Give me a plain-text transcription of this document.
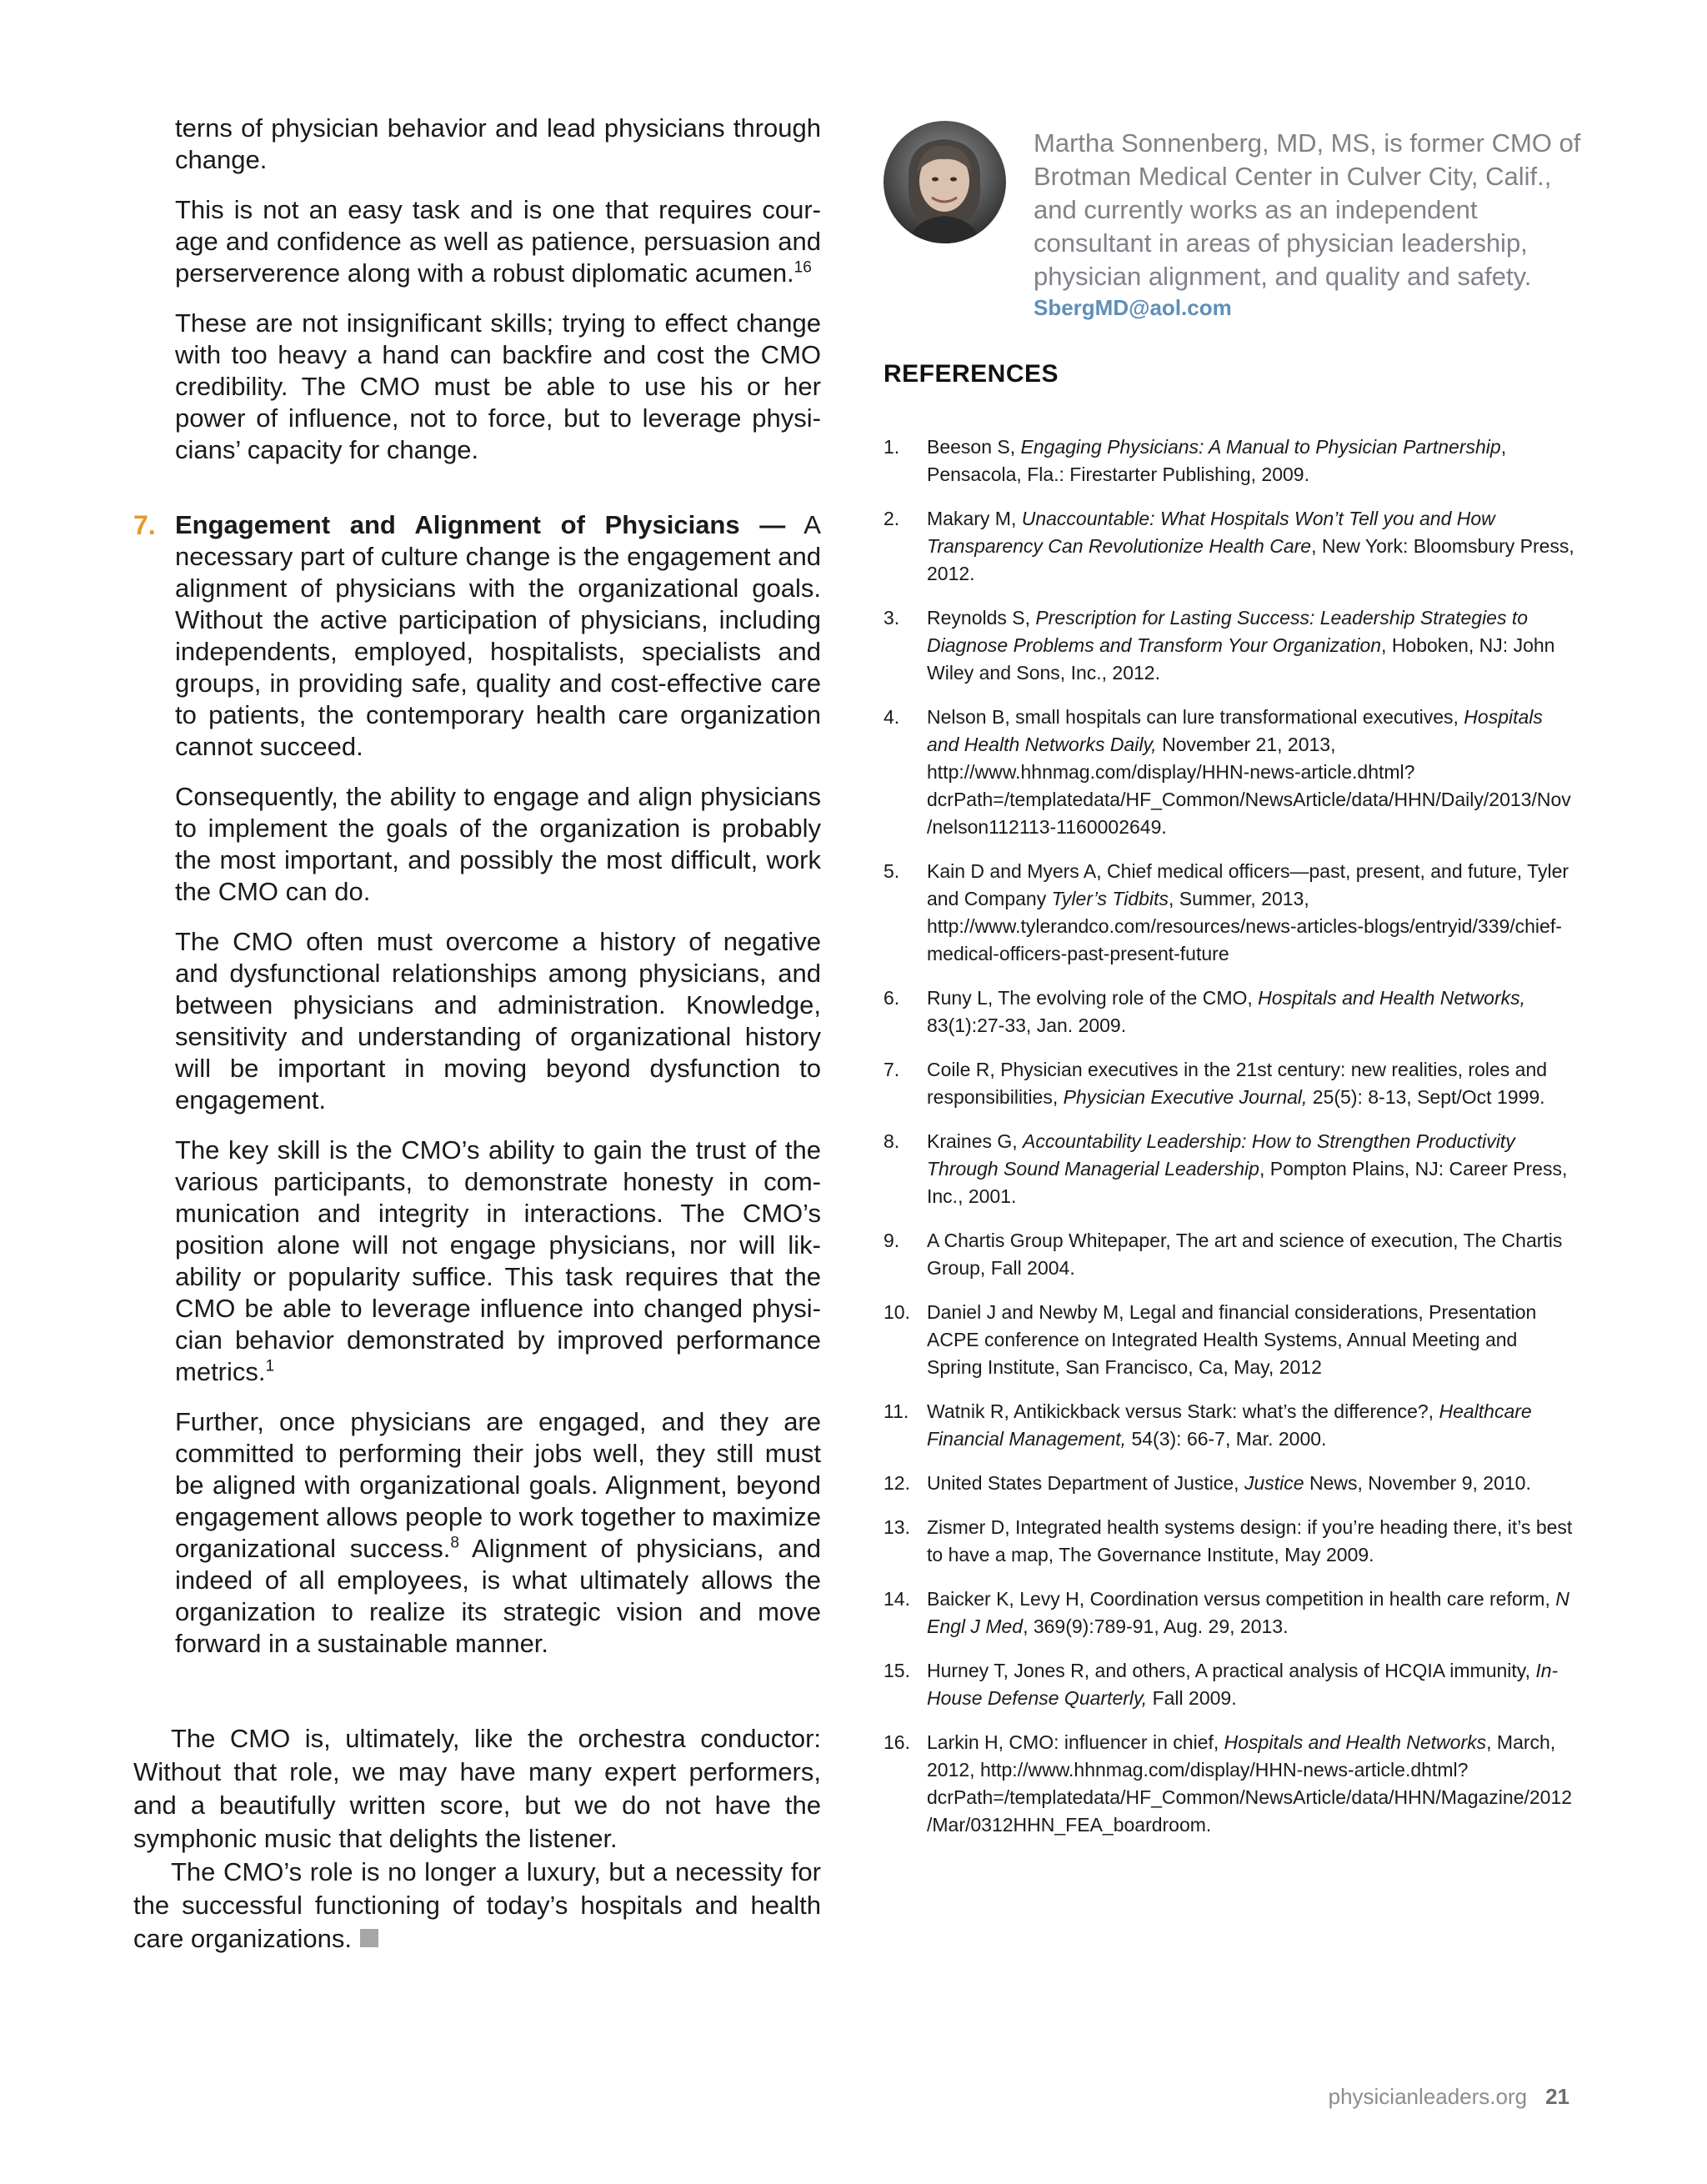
terns of physician behavior and lead physicians through change.

This is not an easy task and is one that requires courage and confidence as well as patience, persuasion and perserverence along with a robust diplomatic acumen.$^{16}$

These are not insignificant skills; trying to effect change with too heavy a hand can backfire and cost the CMO credibility. The CMO must be able to use his or her power of influence, not to force, but to leverage physicians’ capacity for change.

7. Engagement and Alignment of Physicians — A necessary part of culture change is the engagement and alignment of physicians with the organizational goals. Without the active participation of physicians, including independents, employed, hospitalists, specialists and groups, in providing safe, quality and cost-effective care to patients, the contemporary health care organization cannot succeed.

Consequently, the ability to engage and align physicians to implement the goals of the organization is probably the most important, and possibly the most difficult, work the CMO can do.

The CMO often must overcome a history of negative and dysfunctional relationships among physicians, and between physicians and administration. Knowledge, sensitivity and understanding of organizational history will be important in moving beyond dysfunction to engagement.

The key skill is the CMO’s ability to gain the trust of the various participants, to demonstrate honesty in communication and integrity in interactions. The CMO’s position alone will not engage physicians, nor will likability or popularity suffice. This task requires that the CMO be able to leverage influence into changed physician behavior demonstrated by improved performance metrics.$^1$

Further, once physicians are engaged, and they are committed to performing their jobs well, they still must be aligned with organizational goals. Alignment, beyond engagement allows people to work together to maximize organizational success.$^8$ Alignment of physicians, and indeed of all employees, is what ultimately allows the organization to realize its strategic vision and move forward in a sustainable manner.

The CMO is, ultimately, like the orchestra conductor: Without that role, we may have many expert performers, and a beautifully written score, but we do not have the symphonic music that delights the listener.

The CMO’s role is no longer a luxury, but a necessity for the successful functioning of today’s hospitals and health care organizations.

Martha Sonnenberg, MD, MS, is former CMO of Brotman Medical Center in Culver City, Calif., and currently works as an independent consultant in areas of physician leadership, physician alignment, and quality and safety.

SbergMD@aol.com
REFERENCES
1. Beeson S, Engaging Physicians: A Manual to Physician Partnership, Pensacola, Fla.: Firestarter Publishing, 2009.
2. Makary M, Unaccountable: What Hospitals Won’t Tell you and How Transparency Can Revolutionize Health Care, New York: Bloomsbury Press, 2012.
3. Reynolds S, Prescription for Lasting Success: Leadership Strategies to Diagnose Problems and Transform Your Organization, Hoboken, NJ: John Wiley and Sons, Inc., 2012.
4. Nelson B, small hospitals can lure transformational executives, Hospitals and Health Networks Daily, November 21, 2013, http://www.hhnmag.com/display/HHN-news-article.dhtml?dcrPath=/templatedata/HF_Common/NewsArticle/data/HHN/Daily/2013/Nov/nelson112113-1160002649.
5. Kain D and Myers A, Chief medical officers—past, present, and future, Tyler and Company Tyler’s Tidbits, Summer, 2013, http://www.tylerandco.com/resources/news-articles-blogs/entryid/339/chief-medical-officers-past-present-future
6. Runy L, The evolving role of the CMO, Hospitals and Health Networks, 83(1):27-33, Jan. 2009.
7. Coile R, Physician executives in the 21st century: new realities, roles and responsibilities, Physician Executive Journal, 25(5): 8-13, Sept/Oct 1999.
8. Kraines G, Accountability Leadership: How to Strengthen Productivity Through Sound Managerial Leadership, Pompton Plains, NJ: Career Press, Inc., 2001.
9. A Chartis Group Whitepaper, The art and science of execution, The Chartis Group, Fall 2004.
10. Daniel J and Newby M, Legal and financial considerations, Presentation ACPE conference on Integrated Health Systems, Annual Meeting and Spring Institute, San Francisco, Ca, May, 2012
11. Watnik R, Antikickback versus Stark: what’s the difference?, Healthcare Financial Management, 54(3): 66-7, Mar. 2000.
12. United States Department of Justice, Justice News, November 9, 2010.
13. Zismer D, Integrated health systems design: if you’re heading there, it’s best to have a map, The Governance Institute, May 2009.
14. Baicker K, Levy H, Coordination versus competition in health care reform, N Engl J Med, 369(9):789-91, Aug. 29, 2013.
15. Hurney T, Jones R, and others, A practical analysis of HCQIA immunity, In-House Defense Quarterly, Fall 2009.
16. Larkin H, CMO: influencer in chief, Hospitals and Health Networks, March, 2012, http://www.hhnmag.com/display/HHN-news-article.dhtml?dcrPath=/templatedata/HF_Common/NewsArticle/data/HHN/Magazine/2012/Mar/0312HHN_FEA_boardroom.
physicianleaders.org 21
